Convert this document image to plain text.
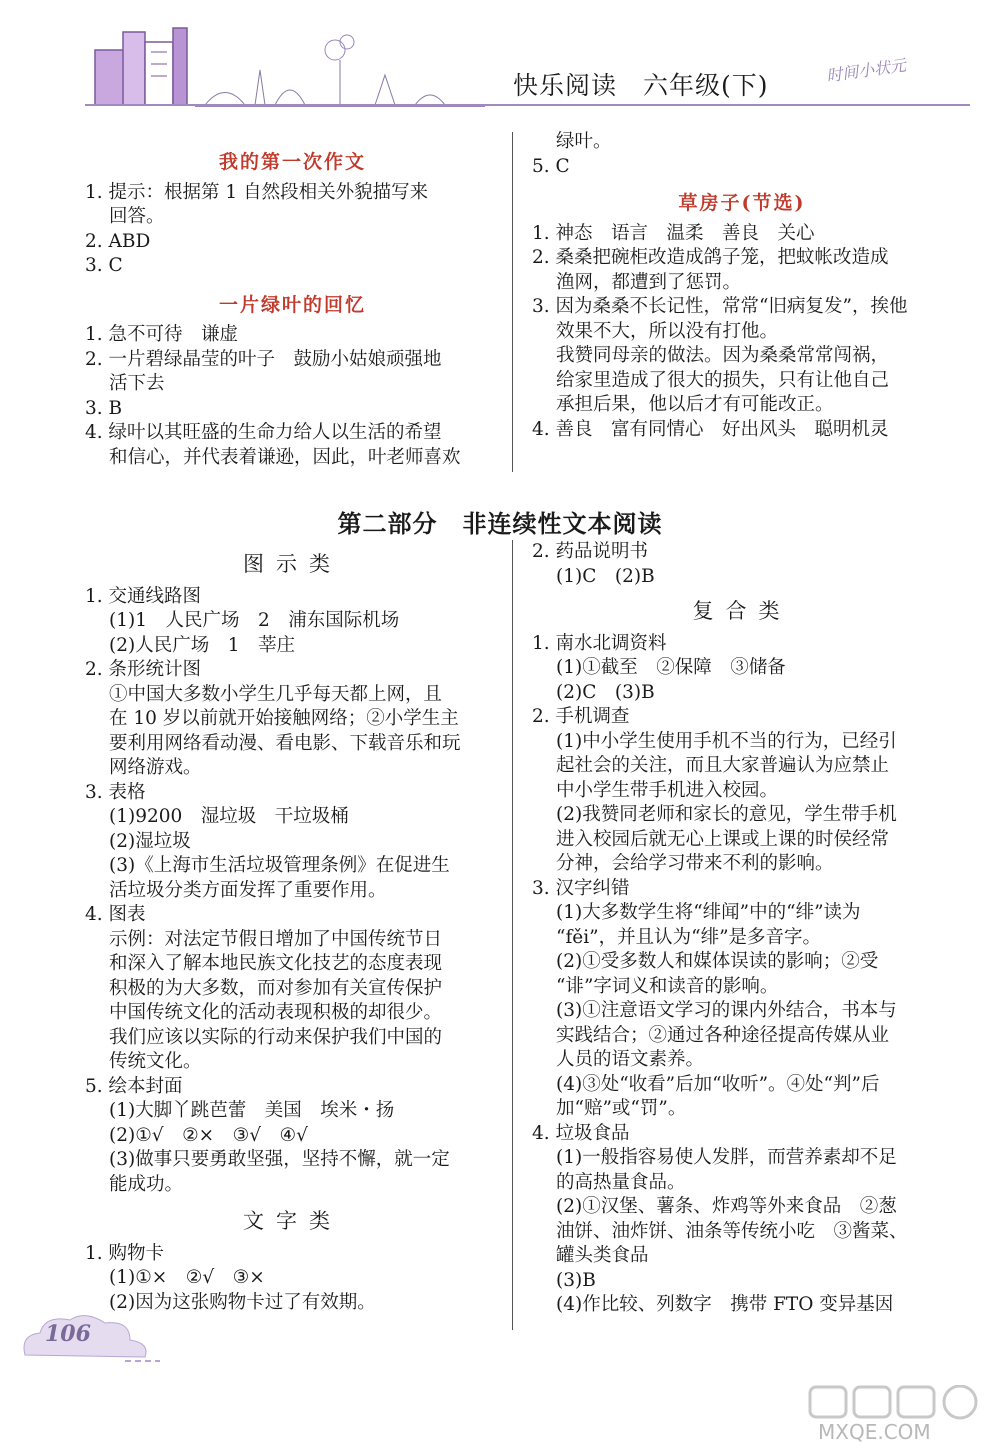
快乐阅读　六年级(下)
时间小状元

我的第一次作文

1. 提示：根据第 1 自然段相关外貌描写来

回答。

2. ABD

3. C

一片绿叶的回忆

1. 急不可待　谦虚

2. 一片碧绿晶莹的叶子　鼓励小姑娘顽强地

活下去

3. B

4. 绿叶以其旺盛的生命力给人以生活的希望

和信心，并代表着谦逊，因此，叶老师喜欢

绿叶。

5. C

草房子(节选)

1. 神态　语言　温柔　善良　关心

2. 桑桑把碗柜改造成鸽子笼，把蚊帐改造成

渔网，都遭到了惩罚。

3. 因为桑桑不长记性，常常“旧病复发”，挨他

效果不大，所以没有打他。

我赞同母亲的做法。因为桑桑常常闯祸，

给家里造成了很大的损失，只有让他自己

承担后果，他以后才有可能改正。

4. 善良　富有同情心　好出风头　聪明机灵

第二部分　非连续性文本阅读

图示类

1. 交通线路图

(1)1　人民广场　2　浦东国际机场

(2)人民广场　1　莘庄

2. 条形统计图

①中国大多数小学生几乎每天都上网，且

在 10 岁以前就开始接触网络；②小学生主

要利用网络看动漫、看电影、下载音乐和玩

网络游戏。

3. 表格

(1)9200　湿垃圾　干垃圾桶

(2)湿垃圾

(3)《上海市生活垃圾管理条例》在促进生

活垃圾分类方面发挥了重要作用。

4. 图表

示例：对法定节假日增加了中国传统节日

和深入了解本地民族文化技艺的态度表现

积极的为大多数，而对参加有关宣传保护

中国传统文化的活动表现积极的却很少。

我们应该以实际的行动来保护我们中国的

传统文化。

5. 绘本封面

(1)大脚丫跳芭蕾　美国　埃米・扬

(2)①√　②×　③√　④√

(3)做事只要勇敢坚强，坚持不懈，就一定

能成功。

文字类

1. 购物卡

(1)①×　②√　③×

(2)因为这张购物卡过了有效期。

2. 药品说明书

(1)C　(2)B

复合类

1. 南水北调资料

(1)①截至　②保障　③储备

(2)C　(3)B

2. 手机调查

(1)中小学生使用手机不当的行为，已经引

起社会的关注，而且大家普遍认为应禁止

中小学生带手机进入校园。

(2)我赞同老师和家长的意见，学生带手机

进入校园后就无心上课或上课的时侯经常

分神，会给学习带来不利的影响。

3. 汉字纠错

(1)大多数学生将“绯闻”中的“绯”读为

“fěi”，并且认为“绯”是多音字。

(2)①受多数人和媒体误读的影响；②受

“诽”字词义和读音的影响。

(3)①注意语文学习的课内外结合，书本与

实践结合；②通过各种途径提高传媒从业

人员的语文素养。

(4)③处“收看”后加“收听”。④处“判”后

加“赔”或“罚”。

4. 垃圾食品

(1)一般指容易使人发胖，而营养素却不足

的高热量食品。

(2)①汉堡、薯条、炸鸡等外来食品　②葱

油饼、油炸饼、油条等传统小吃　③酱菜、

罐头类食品

(3)B

(4)作比较、列数字　携带 FTO 变异基因

106
MXQE.COM
